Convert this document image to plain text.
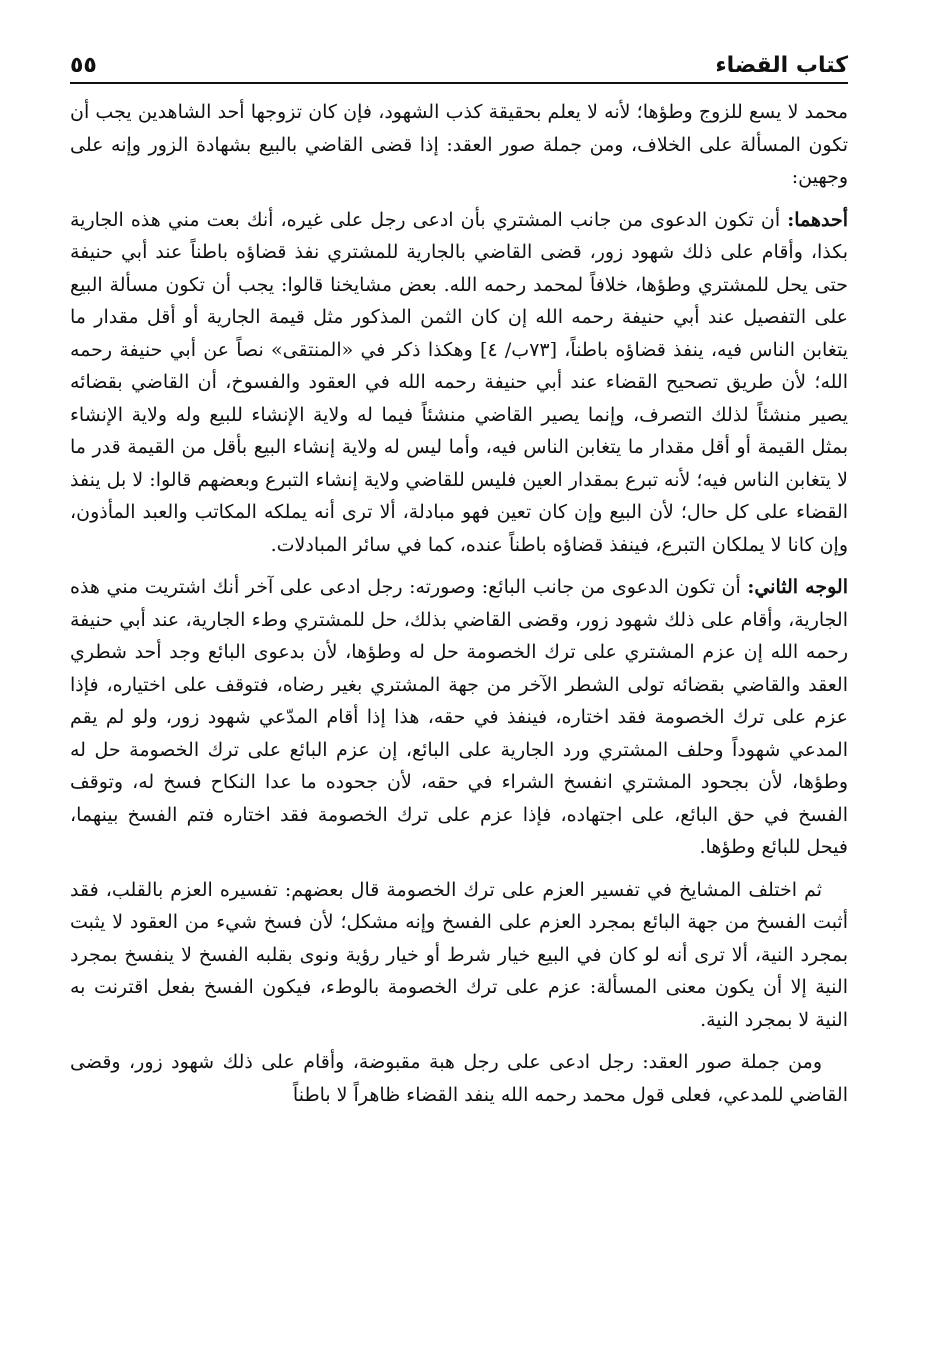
كتاب القضاء
٥٥

محمد لا يسع للزوج وطؤها؛ لأنه لا يعلم بحقيقة كذب الشهود، فإن كان تزوجها أحد الشاهدين يجب أن تكون المسألة على الخلاف، ومن جملة صور العقد: إذا قضى القاضي بالبيع بشهادة الزور وإنه على وجهين:

أحدهما: أن تكون الدعوى من جانب المشتري بأن ادعى رجل على غيره، أنك بعت مني هذه الجارية بكذا، وأقام على ذلك شهود زور، قضى القاضي بالجارية للمشتري نفذ قضاؤه باطناً عند أبي حنيفة حتى يحل للمشتري وطؤها، خلافاً لمحمد رحمه الله. بعض مشايخنا قالوا: يجب أن تكون مسألة البيع على التفصيل عند أبي حنيفة رحمه الله إن كان الثمن المذكور مثل قيمة الجارية أو أقل مقدار ما يتغابن الناس فيه، ينفذ قضاؤه باطناً، [٧٣ب/ ٤] وهكذا ذكر في «المنتقى» نصاً عن أبي حنيفة رحمه الله؛ لأن طريق تصحيح القضاء عند أبي حنيفة رحمه الله في العقود والفسوخ، أن القاضي بقضائه يصير منشئاً لذلك التصرف، وإنما يصير القاضي منشئاً فيما له ولاية الإنشاء للبيع وله ولاية الإنشاء بمثل القيمة أو أقل مقدار ما يتغابن الناس فيه، وأما ليس له ولاية إنشاء البيع بأقل من القيمة قدر ما لا يتغابن الناس فيه؛ لأنه تبرع بمقدار العين فليس للقاضي ولاية إنشاء التبرع وبعضهم قالوا: لا بل ينفذ القضاء على كل حال؛ لأن البيع وإن كان تعين فهو مبادلة، ألا ترى أنه يملكه المكاتب والعبد المأذون، وإن كانا لا يملكان التبرع، فينفذ قضاؤه باطناً عنده، كما في سائر المبادلات.

الوجه الثاني: أن تكون الدعوى من جانب البائع: وصورته: رجل ادعى على آخر أنك اشتريت مني هذه الجارية، وأقام على ذلك شهود زور، وقضى القاضي بذلك، حل للمشتري وطء الجارية، عند أبي حنيفة رحمه الله إن عزم المشتري على ترك الخصومة حل له وطؤها، لأن بدعوى البائع وجد أحد شطري العقد والقاضي بقضائه تولى الشطر الآخر من جهة المشتري بغير رضاه، فتوقف على اختياره، فإذا عزم على ترك الخصومة فقد اختاره، فينفذ في حقه، هذا إذا أقام المدّعي شهود زور، ولو لم يقم المدعي شهوداً وحلف المشتري ورد الجارية على البائع، إن عزم البائع على ترك الخصومة حل له وطؤها، لأن بجحود المشتري انفسخ الشراء في حقه، لأن جحوده ما عدا النكاح فسخ له، وتوقف الفسخ في حق البائع، على اجتهاده، فإذا عزم على ترك الخصومة فقد اختاره فتم الفسخ بينهما، فيحل للبائع وطؤها.

ثم اختلف المشايخ في تفسير العزم على ترك الخصومة قال بعضهم: تفسيره العزم بالقلب، فقد أثبت الفسخ من جهة البائع بمجرد العزم على الفسخ وإنه مشكل؛ لأن فسخ شيء من العقود لا يثبت بمجرد النية، ألا ترى أنه لو كان في البيع خيار شرط أو خيار رؤية ونوى بقلبه الفسخ لا ينفسخ بمجرد النية إلا أن يكون معنى المسألة: عزم على ترك الخصومة بالوطء، فيكون الفسخ بفعل اقترنت به النية لا بمجرد النية.

ومن جملة صور العقد: رجل ادعى على رجل هبة مقبوضة، وأقام على ذلك شهود زور، وقضى القاضي للمدعي، فعلى قول محمد رحمه الله ينفد القضاء ظاهراً لا باطناً
